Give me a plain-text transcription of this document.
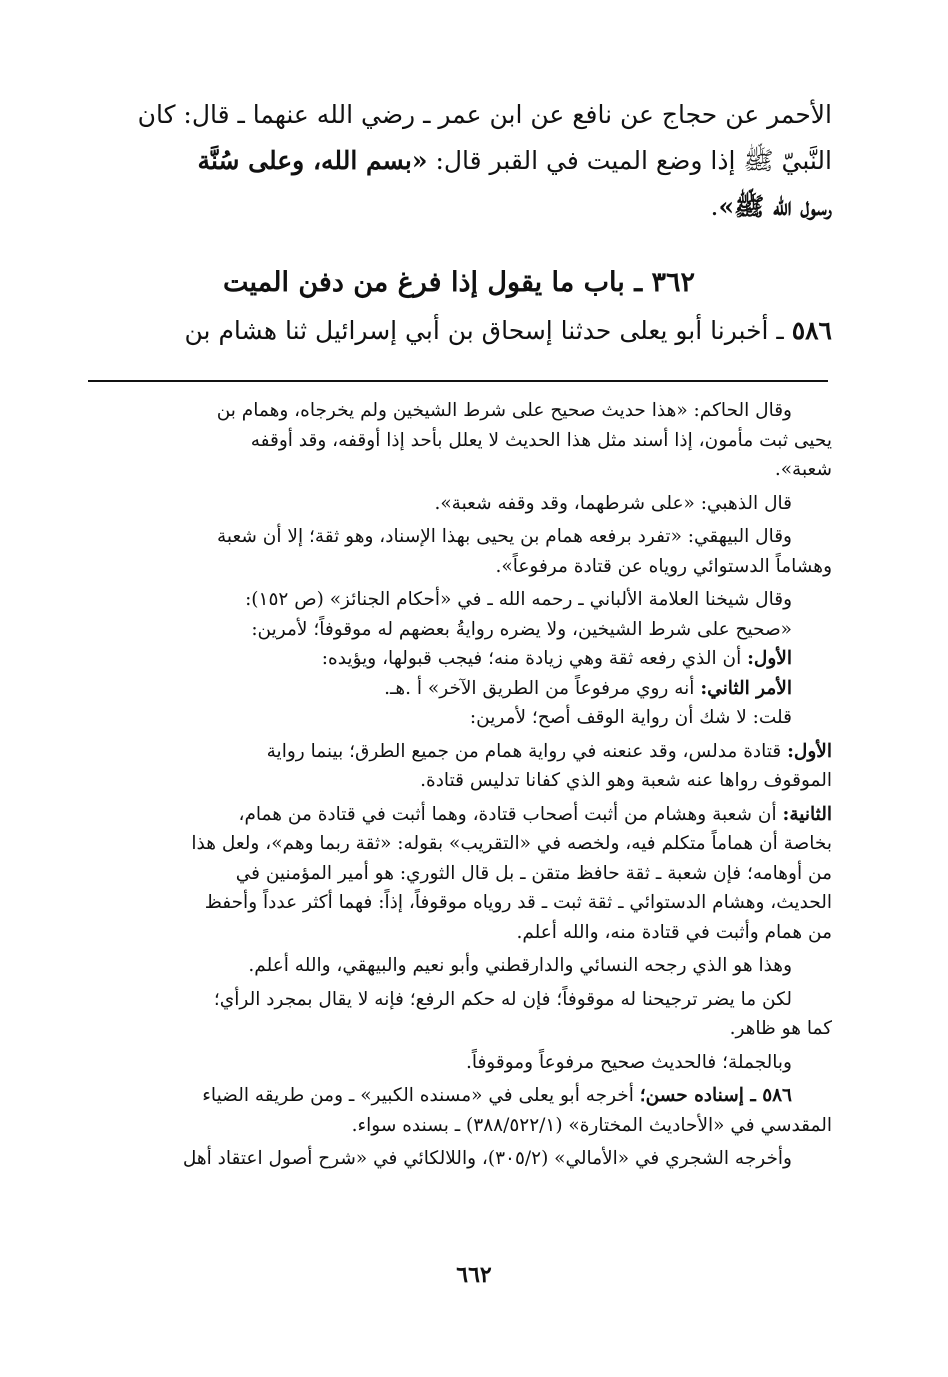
الأحمر عن حجاج عن نافع عن ابن عمر ـ رضي الله عنهما ـ قال: كان
النَّبيّ ﷺ إذا وضع الميت في القبر قال: «بسم الله، وعلى سُنَّة
رسول الله ﷺ».
٣٦٢ ـ باب ما يقول إذا فرغ من دفن الميت
٥٨٦ ـ أخبرنا أبو يعلى حدثنا إسحاق بن أبي إسرائيل ثنا هشام بن

وقال الحاكم: «هذا حديث صحيح على شرط الشيخين ولم يخرجاه، وهمام بن
يحيى ثبت مأمون، إذا أسند مثل هذا الحديث لا يعلل بأحد إذا أوقفه، وقد أوقفه
شعبة».

قال الذهبي: «على شرطهما، وقد وقفه شعبة».

وقال البيهقي: «تفرد برفعه همام بن يحيى بهذا الإسناد، وهو ثقة؛ إلا أن شعبة
وهشاماً الدستوائي روياه عن قتادة مرفوعاً».

وقال شيخنا العلامة الألباني ـ رحمه الله ـ في «أحكام الجنائز» (ص ١٥٢):

«صحيح على شرط الشيخين، ولا يضره روايةُ بعضهم له موقوفاً؛ لأمرين:

الأول: أن الذي رفعه ثقة وهي زيادة منه؛ فيجب قبولها، ويؤيده:

الأمر الثاني: أنه روي مرفوعاً من الطريق الآخر» أ .هـ.

قلت: لا شك أن رواية الوقف أصح؛ لأمرين:

الأول: قتادة مدلس، وقد عنعنه في رواية همام من جميع الطرق؛ بينما رواية
الموقوف رواها عنه شعبة وهو الذي كفانا تدليس قتادة.

الثانية: أن شعبة وهشام من أثبت أصحاب قتادة، وهما أثبت في قتادة من همام،
بخاصة أن هماماً متكلم فيه، ولخصه في «التقريب» بقوله: «ثقة ربما وهم»، ولعل هذا
من أوهامه؛ فإن شعبة ـ ثقة حافظ متقن ـ بل قال الثوري: هو أمير المؤمنين في
الحديث، وهشام الدستوائي ـ ثقة ثبت ـ قد روياه موقوفاً، إذاً: فهما أكثر عدداً وأحفظ
من همام وأثبت في قتادة منه، والله أعلم.

وهذا هو الذي رجحه النسائي والدارقطني وأبو نعيم والبيهقي، والله أعلم.

لكن ما يضر ترجيحنا له موقوفاً؛ فإن له حكم الرفع؛ فإنه لا يقال بمجرد الرأي؛
كما هو ظاهر.

وبالجملة؛ فالحديث صحيح مرفوعاً وموقوفاً.

٥٨٦ ـ إسناده حسن؛ أخرجه أبو يعلى في «مسنده الكبير» ـ ومن طريقه الضياء
المقدسي في «الأحاديث المختارة» (٣٨٨/٥٢٢/١) ـ بسنده سواء.

وأخرجه الشجري في «الأمالي» (٣٠٥/٢)، واللالكائي في «شرح أصول اعتقاد أهل

٦٦٢
